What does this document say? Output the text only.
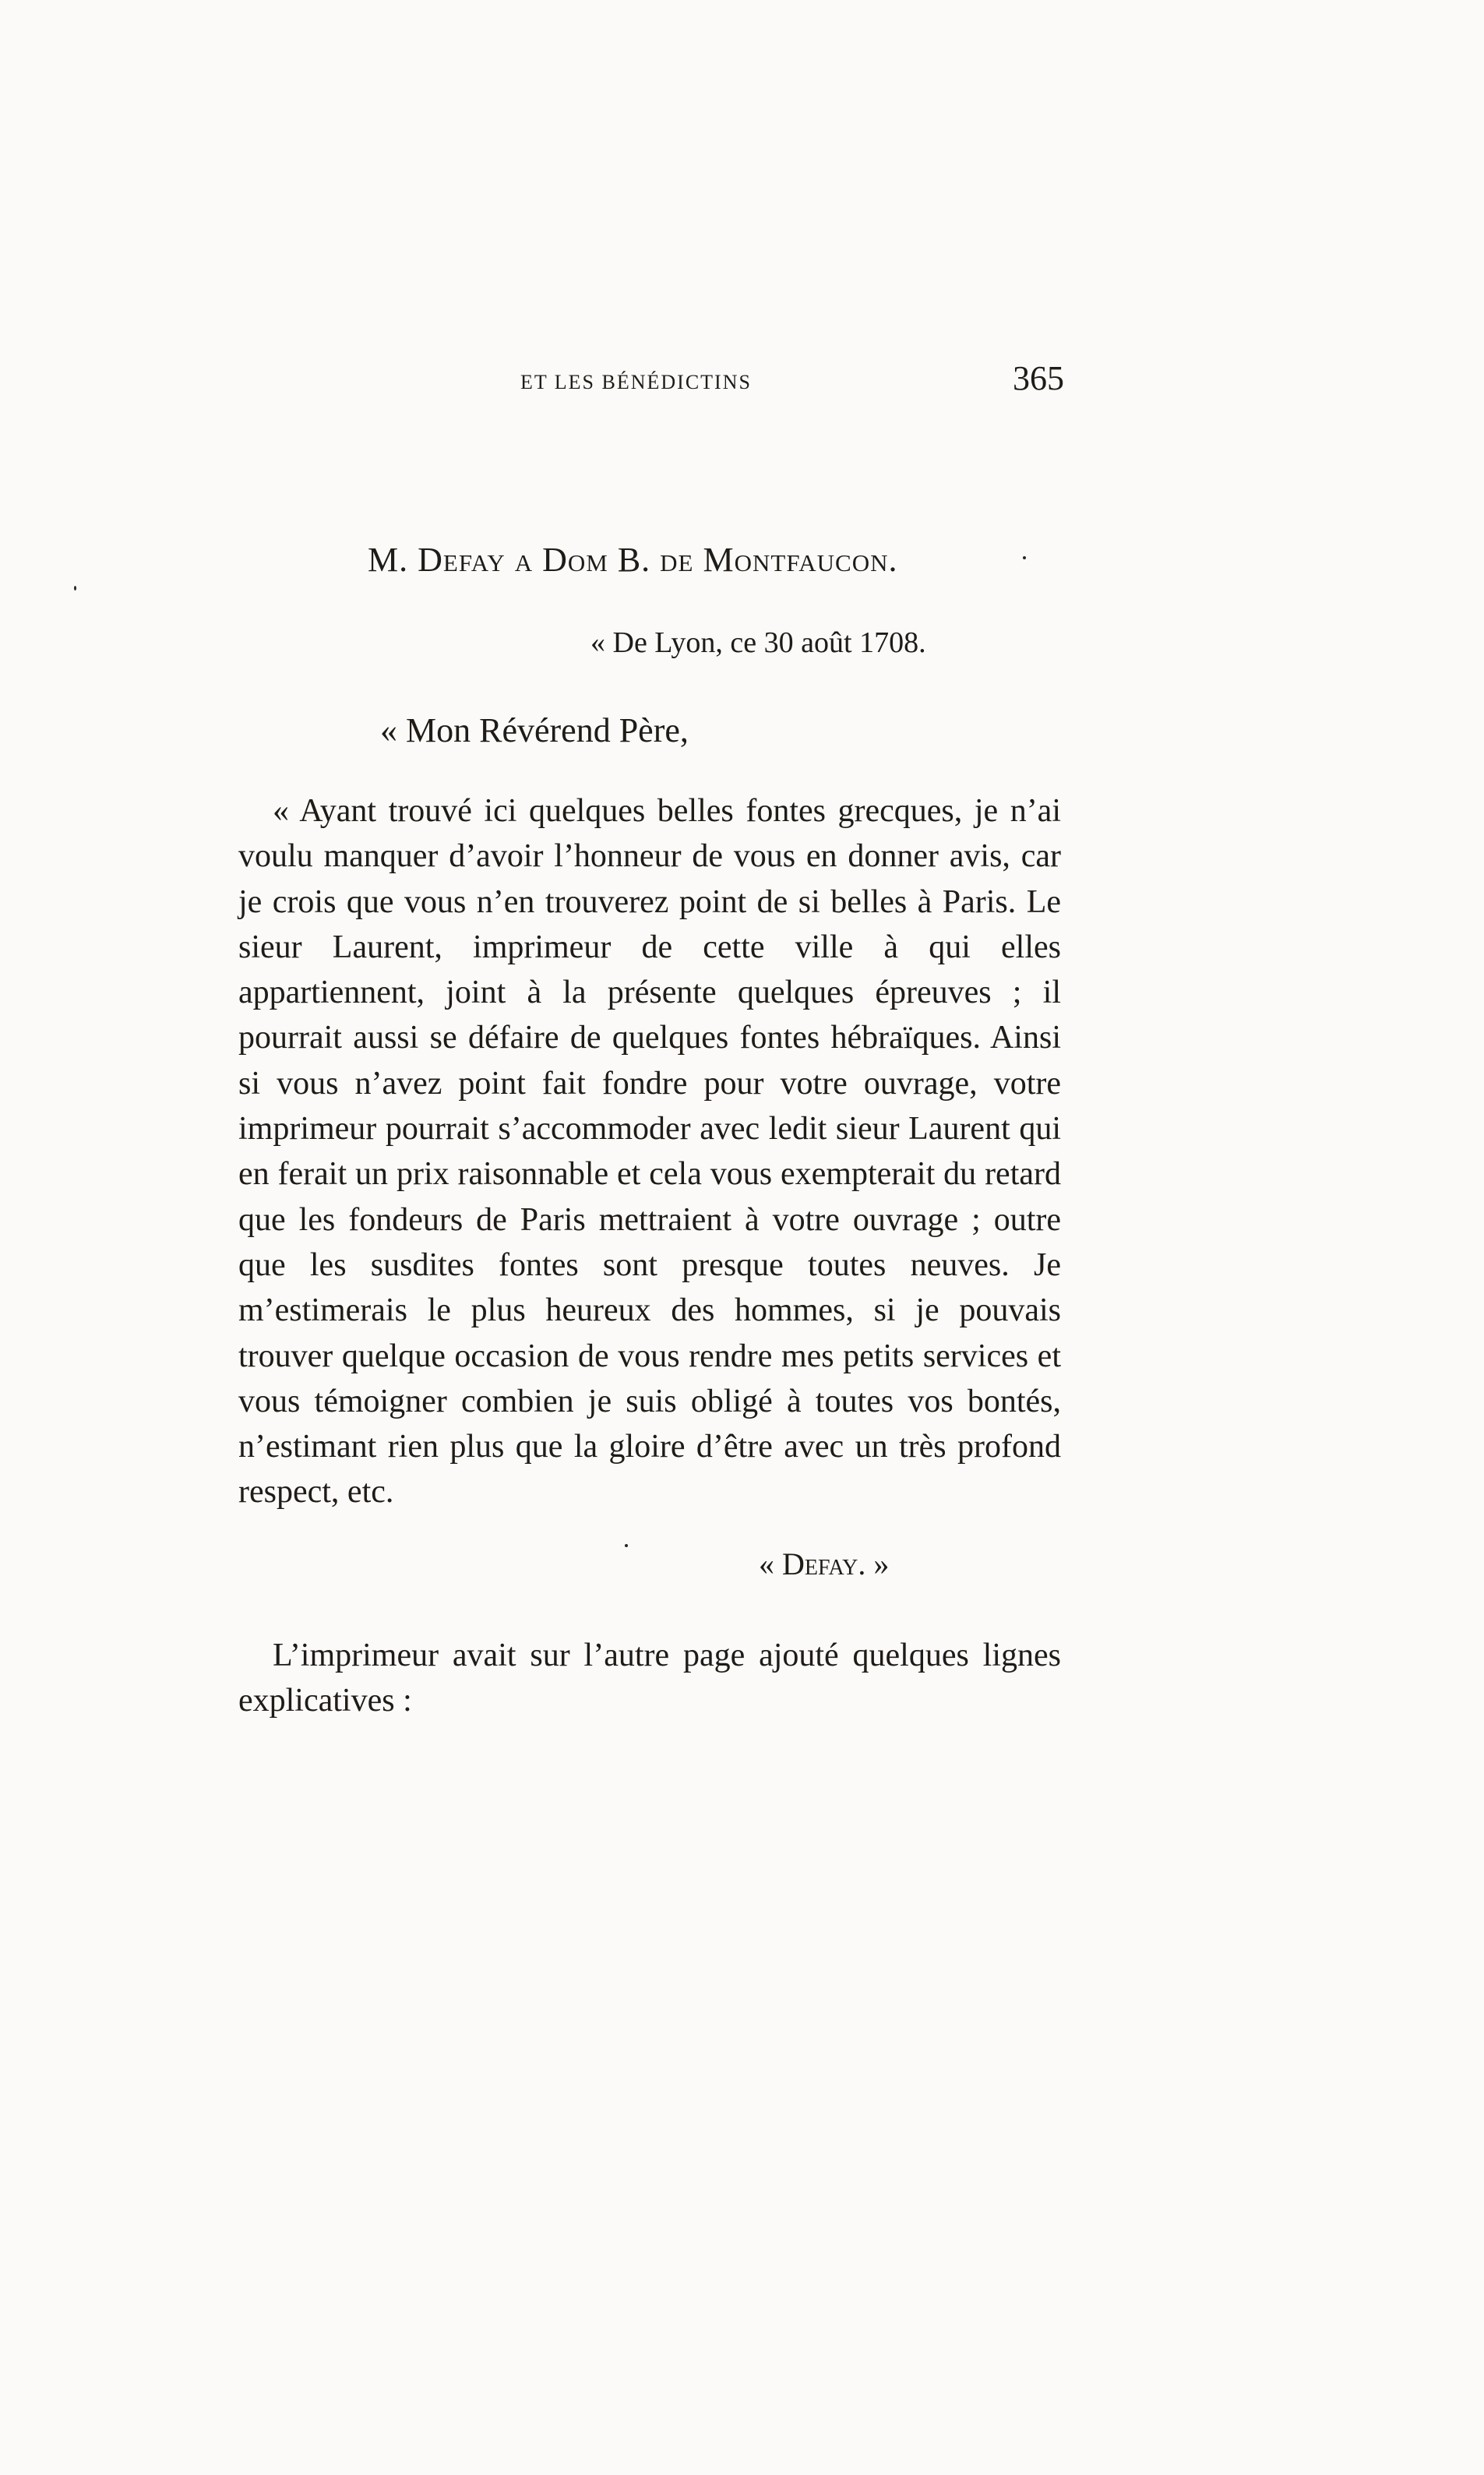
ET LES BÉNÉDICTINS	365
M. Defay a Dom B. de Montfaucon.
« De Lyon, ce 30 août 1708.
« Mon Révérend Père,

« Ayant trouvé ici quelques belles fontes grecques, je n’ai voulu manquer d’avoir l’honneur de vous en donner avis, car je crois que vous n’en trouverez point de si belles à Paris. Le sieur Laurent, imprimeur de cette ville à qui elles appartiennent, joint à la présente quelques épreuves ; il pourrait aussi se défaire de quelques fontes hébraïques. Ainsi si vous n’avez point fait fondre pour votre ouvrage, votre imprimeur pourrait s’accommoder avec ledit sieur Laurent qui en ferait un prix raisonnable et cela vous exempterait du retard que les fondeurs de Paris mettraient à votre ouvrage ; outre que les susdites fontes sont presque toutes neuves. Je m’estimerais le plus heureux des hommes, si je pouvais trouver quelque occasion de vous rendre mes petits services et vous témoigner combien je suis obligé à toutes vos bontés, n’estimant rien plus que la gloire d’être avec un très profond respect, etc.

« Defay. »

L’imprimeur avait sur l’autre page ajouté quelques lignes explicatives :
